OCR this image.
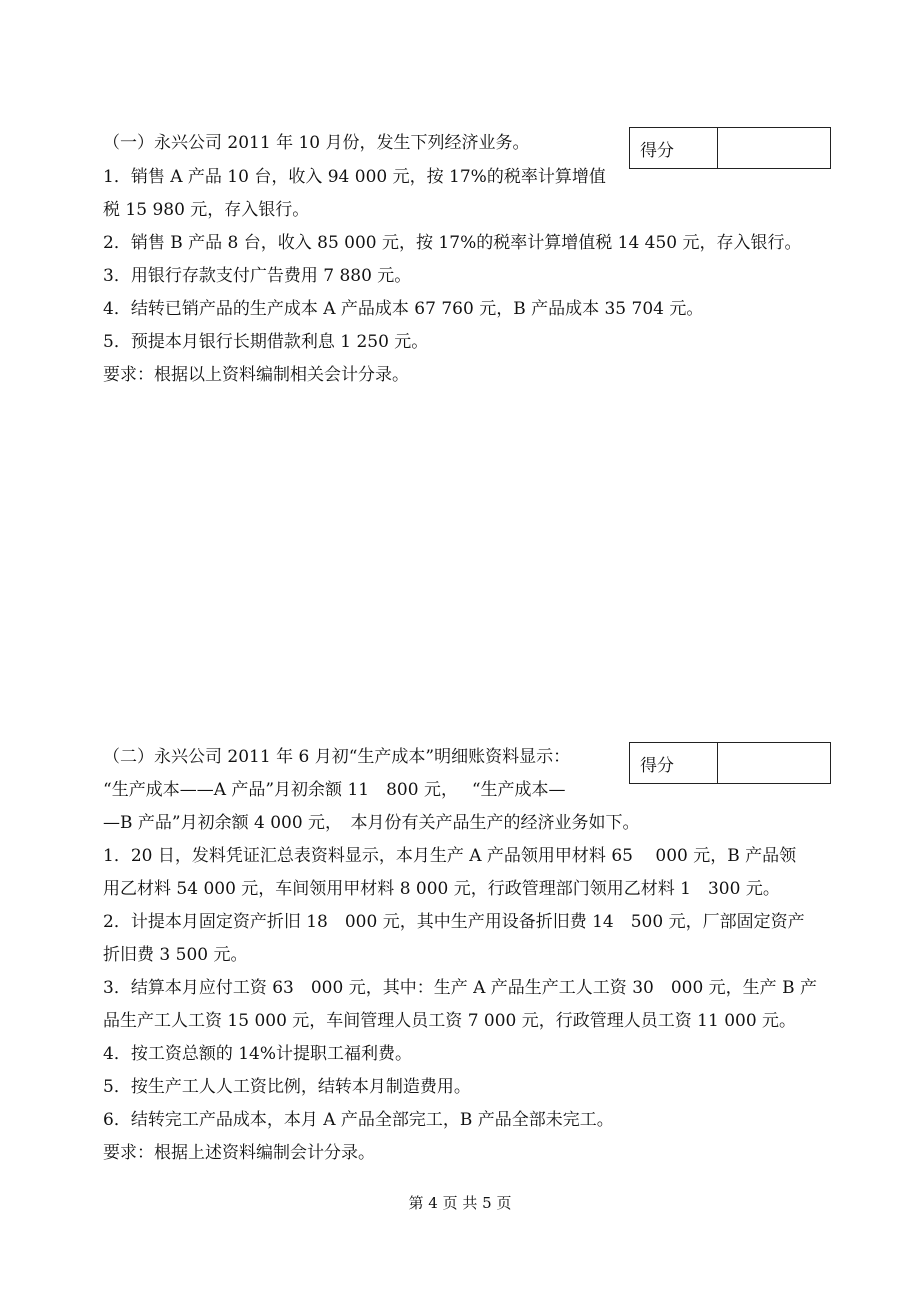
得分
（一）永兴公司 2011 年 10 月份，发生下列经济业务。
1．销售 A 产品 10 台，收入 94 000 元，按 17%的税率计算增值
税 15 980 元，存入银行。
2．销售 B 产品 8 台，收入 85 000 元，按 17%的税率计算增值税 14 450 元，存入银行。
3．用银行存款支付广告费用 7 880 元。
4．结转已销产品的生产成本 A 产品成本 67 760 元，B 产品成本 35 704 元。
5．预提本月银行长期借款利息 1 250 元。
要求：根据以上资料编制相关会计分录。
得分
（二）永兴公司 2011 年 6 月初“生产成本”明细账资料显示：
“生产成本——A 产品”月初余额 11　800 元，　 “生产成本—
—B 产品”月初余额 4 000 元，　本月份有关产品生产的经济业务如下。
1．20 日，发料凭证汇总表资料显示，本月生产 A 产品领用甲材料 65　 000 元，B 产品领
用乙材料 54 000 元，车间领用甲材料 8 000 元，行政管理部门领用乙材料 1　300 元。
2．计提本月固定资产折旧 18　000 元，其中生产用设备折旧费 14　500 元，厂部固定资产
折旧费 3 500 元。
3．结算本月应付工资 63　000 元，其中：生产 A 产品生产工人工资 30　000 元，生产 B 产
品生产工人工资 15 000 元，车间管理人员工资 7 000 元，行政管理人员工资 11 000 元。
4．按工资总额的 14%计提职工福利费。
5．按生产工人人工资比例，结转本月制造费用。
6．结转完工产品成本，本月 A 产品全部完工，B 产品全部未完工。
要求：根据上述资料编制会计分录。
第 4 页 共 5 页
